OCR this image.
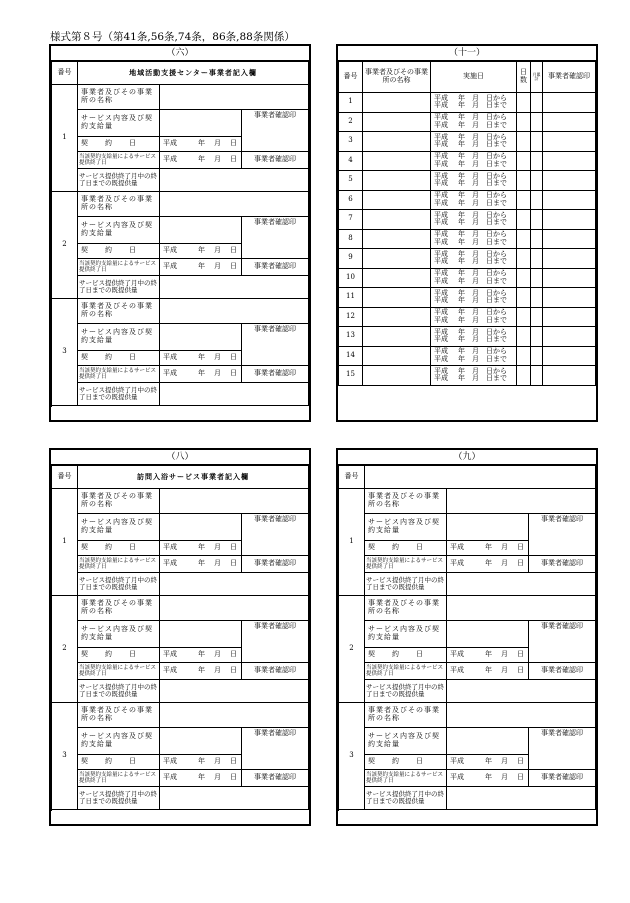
様式第８号（第41条,56条,74条，86条,88条関係）
（六）
番号	地域活動支援センター事業者記入欄		
1	事業者及びその事業所の名称		
	サービス内容及び契約支給量		事業者確認印
	契　　約　　日	平成 年 月 日	
	当該契約支給量によるサービス提供終了日	平成 年 月 日	事業者確認印
	サービス提供終了月中の終了日までの既提供量		

2	事業者及びその事業所の名称		
	サービス内容及び契約支給量		事業者確認印
	契　　約　　日	平成 年 月 日	
	当該契約支給量によるサービス提供終了日	平成 年 月 日	事業者確認印
	サービス提供終了月中の終了日までの既提供量		

3	事業者及びその事業所の名称		
	サービス内容及び契約支給量		事業者確認印
	契　　約　　日	平成 年 月 日	
	当該契約支給量によるサービス提供終了日	平成 年 月 日	事業者確認印
	サービス提供終了月中の終了日までの既提供量		

（十一）
番号	事業者及びその事業所の名称	実施日	日数	月累計	事業者確認印
1		平成 年 月 日から
平成 年 月 日まで			

2		平成 年 月 日から
平成 年 月 日まで			

3		平成 年 月 日から
平成 年 月 日まで			

4		平成 年 月 日から
平成 年 月 日まで			

5		平成 年 月 日から
平成 年 月 日まで			

6		平成 年 月 日から
平成 年 月 日まで			

7		平成 年 月 日から
平成 年 月 日まで			

8		平成 年 月 日から
平成 年 月 日まで			

9		平成 年 月 日から
平成 年 月 日まで			

10		平成 年 月 日から
平成 年 月 日まで			

11		平成 年 月 日から
平成 年 月 日まで			

12		平成 年 月 日から
平成 年 月 日まで			

13		平成 年 月 日から
平成 年 月 日まで			

14		平成 年 月 日から
平成 年 月 日まで			

15		平成 年 月 日から
平成 年 月 日まで			

（八）
番号	訪問入浴サービス事業者記入欄		
1	事業者及びその事業所の名称		
	サービス内容及び契約支給量		事業者確認印
	契　　約　　日	平成 年 月 日	
	当該契約支給量によるサービス提供終了日	平成 年 月 日	事業者確認印
	サービス提供終了月中の終了日までの既提供量		

2	事業者及びその事業所の名称		
	サービス内容及び契約支給量		事業者確認印
	契　　約　　日	平成 年 月 日	
	当該契約支給量によるサービス提供終了日	平成 年 月 日	事業者確認印
	サービス提供終了月中の終了日までの既提供量		

3	事業者及びその事業所の名称		
	サービス内容及び契約支給量		事業者確認印
	契　　約　　日	平成 年 月 日	
	当該契約支給量によるサービス提供終了日	平成 年 月 日	事業者確認印
	サービス提供終了月中の終了日までの既提供量		

（九）
番号			
1	事業者及びその事業所の名称		
	サービス内容及び契約支給量		事業者確認印
	契　　約　　日	平成 年 月 日	
	当該契約支給量によるサービス提供終了日	平成 年 月 日	事業者確認印
	サービス提供終了月中の終了日までの既提供量		

2	事業者及びその事業所の名称		
	サービス内容及び契約支給量		事業者確認印
	契　　約　　日	平成 年 月 日	
	当該契約支給量によるサービス提供終了日	平成 年 月 日	事業者確認印
	サービス提供終了月中の終了日までの既提供量		

3	事業者及びその事業所の名称		
	サービス内容及び契約支給量		事業者確認印
	契　　約　　日	平成 年 月 日	
	当該契約支給量によるサービス提供終了日	平成 年 月 日	事業者確認印
	サービス提供終了月中の終了日までの既提供量		
